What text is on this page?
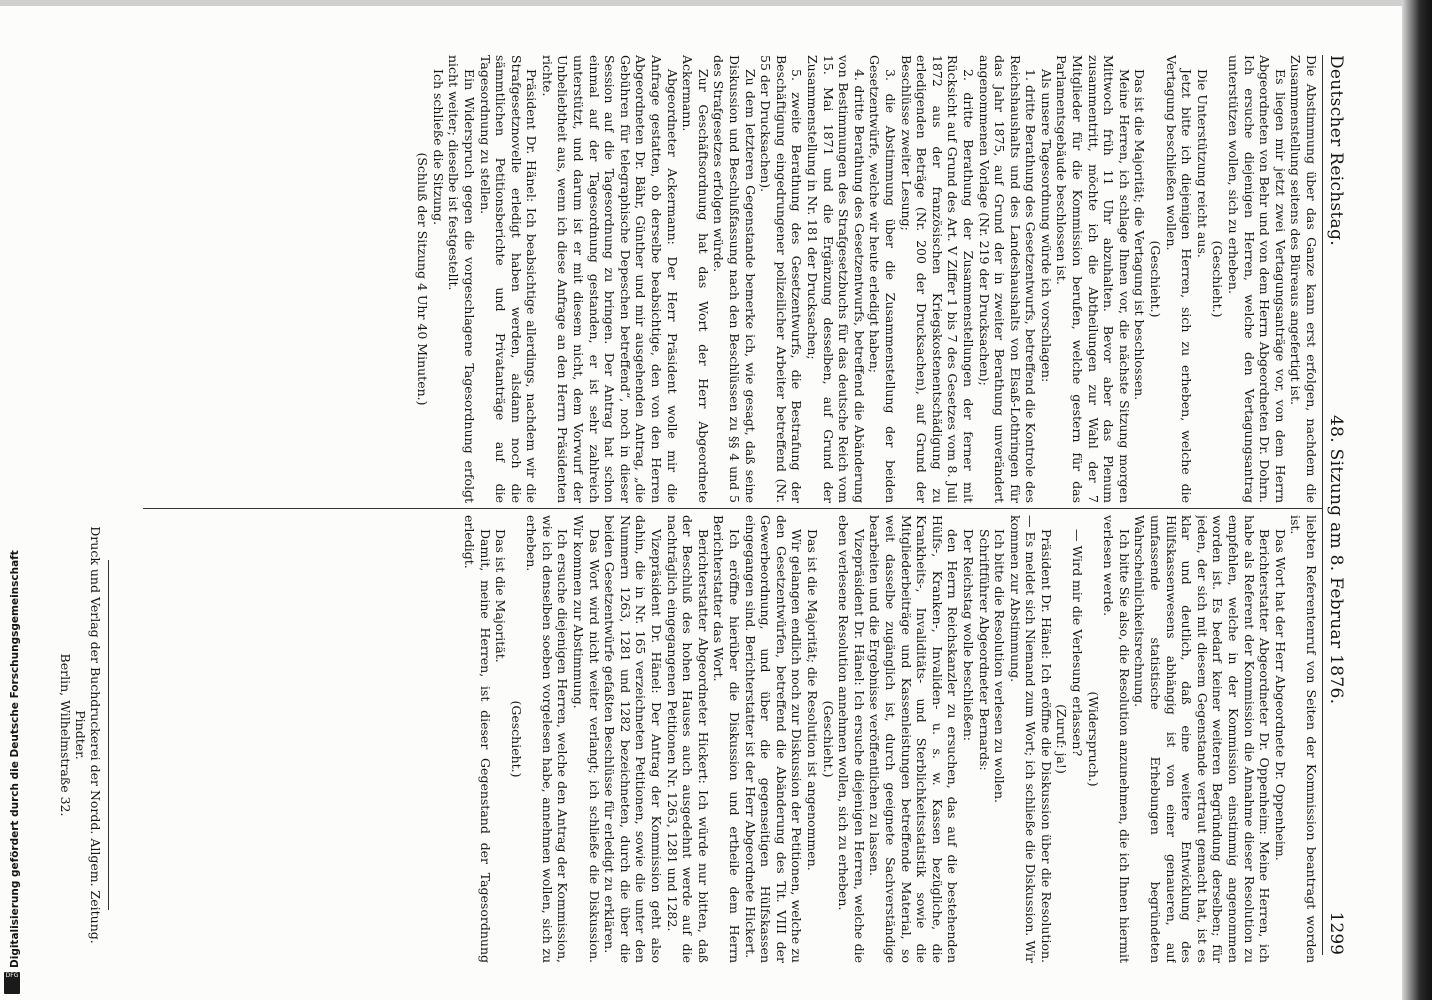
Deutscher Reichstag.
48. Sitzung am 8. Februar 1876.
1299

Die Abstimmung über das Ganze kann erst erfolgen, nachdem die Zusammenstellung seitens des Büreaus angefertigt ist.

Es liegen mir jetzt zwei Vertagungsanträge vor, von dem Herrn Abgeordneten von Behr und von dem Herrn Abgeordneten Dr. Dohrn. Ich ersuche diejenigen Herren, welche den Vertagungsantrag unterstützen wollen, sich zu erheben.

(Geschieht.)

Die Unterstützung reicht aus.

Jetzt bitte ich diejenigen Herren, sich zu erheben, welche die Vertagung beschließen wollen.

(Geschieht.)

Das ist die Majorität; die Vertagung ist beschlossen.

Meine Herren, ich schlage Ihnen vor, die nächste Sitzung morgen Mittwoch früh 11 Uhr abzuhalten. Bevor aber das Plenum zusammentritt, möchte ich die Abtheilungen zur Wahl der 7 Mitglieder für die Kommission berufen, welche gestern für das Parlamentsgebäude beschlossen ist.

Als unsere Tagesordnung würde ich vorschlagen:

1. dritte Berathung des Gesetzentwurfs, betreffend die Kontrole des Reichshaushalts und des Landeshaushalts von Elsaß-Lothringen für das Jahr 1875, auf Grund der in zweiter Berathung unverändert angenommenen Vorlage (Nr. 219 der Drucksachen);

2. dritte Berathung der Zusammenstellungen der ferner mit Rücksicht auf Grund des Art. V Ziffer 1 bis 7 des Gesetzes vom 8. Juli 1872 aus der französischen Kriegskostenentschädigung zu erledigenden Beträge (Nr. 200 der Drucksachen), auf Grund der Beschlüsse zweiter Lesung;

3. die Abstimmung über die Zusammenstellung der beiden Gesetzentwürfe, welche wir heute erledigt haben;

4. dritte Berathung des Gesetzentwurfs, betreffend die Abänderung von Bestimmungen des Strafgesetzbuchs für das deutsche Reich vom 15. Mai 1871 und die Ergänzung desselben, auf Grund der Zusammenstellung in Nr. 181 der Drucksachen;

5. zweite Berathung des Gesetzentwurfs, die Bestrafung der Beschäftigung eingedrungener polizeilicher Arbeiter betreffend (Nr. 55 der Drucksachen).

Zu dem letzteren Gegenstande bemerke ich, wie gesagt, daß seine Diskussion und Beschlußfassung nach den Beschlüssen zu §§ 4 und 5 des Strafgesetzes erfolgen würde.

Zur Geschäftsordnung hat das Wort der Herr Abgeordnete Ackermann.

Abgeordneter Ackermann: Der Herr Präsident wolle mir die Anfrage gestatten, ob derselbe beabsichtige, den von den Herren Abgeordneten Dr. Bähr, Günther und mir ausgehenden Antrag, „die Gebühren für telegraphische Depeschen betreffend“, noch in dieser Session auf die Tagesordnung zu bringen. Der Antrag hat schon einmal auf der Tagesordnung gestanden, er ist sehr zahlreich unterstützt, und darum ist er mit diesem nicht, dem Vorwurf der Unbeliebtheit aus, wenn ich diese Anfrage an den Herrn Präsidenten richte.

Präsident Dr. Hänel: Ich beabsichtige allerdings, nachdem wir die Strafgesetznovelle erledigt haben werden, alsdann noch die sämmtlichen Petitionsberichte und Privatanträge auf die Tagesordnung zu stellen.

Ein Widerspruch gegen die vorgeschlagene Tagesordnung erfolgt nicht weiter; dieselbe ist festgestellt.

Ich schließe die Sitzung.

(Schluß der Sitzung 4 Uhr 40 Minuten.)

liebten Referentenruf von Seiten der Kommission beantragt worden ist.

Das Wort hat der Herr Abgeordnete Dr. Oppenheim.

Berichterstatter Abgeordneter Dr. Oppenheim: Meine Herren, ich habe als Referent der Kommission die Annahme dieser Resolution zu empfehlen, welche in der Kommission einstimmig angenommen worden ist. Es bedarf keiner weiteren Begründung derselben; für jeden, der sich mit diesem Gegenstande vertraut gemacht hat, ist es klar und deutlich, daß eine weitere Entwicklung des Hülfskassenwesens abhängig ist von einer genaueren, auf umfassende statistische Erhebungen begründeten Wahrscheinlichkeitsrechnung.

Ich bitte Sie also, die Resolution anzunehmen, die ich Ihnen hiermit verlesen werde.

(Widerspruch.)

— Wird mir die Verlesung erlassen?

(Zuruf: ja!)

Präsident Dr. Hänel: Ich eröffne die Diskussion über die Resolution. — Es meldet sich Niemand zum Wort; ich schließe die Diskussion. Wir kommen zur Abstimmung.

Ich bitte die Resolution verlesen zu wollen.

Schriftführer Abgeordneter Bernards:

Der Reichstag wolle beschließen:

den Herrn Reichskanzler zu ersuchen, das auf die bestehenden Hülfs-, Kranken-, Invaliden- u. s. w. Kassen bezügliche, die Krankheits-, Invaliditäts- und Sterblichkeitsstatistik sowie die Mitgliederbeiträge und Kassenleistungen betreffende Material, so weit dasselbe zugänglich ist, durch geeignete Sachverständige bearbeiten und die Ergebnisse veröffentlichen zu lassen.

Vizepräsident Dr. Hänel: Ich ersuche diejenigen Herren, welche die eben verlesene Resolution annehmen wollen, sich zu erheben.

(Geschieht.)

Das ist die Majorität; die Resolution ist angenommen.

Wir gelangen endlich noch zur Diskussion der Petitionen, welche zu den Gesetzentwürfen, betreffend die Abänderung des Tit. VIII der Gewerbeordnung, und über die gegenseitigen Hülfskassen eingegangen sind. Berichterstatter ist der Herr Abgeordnete Hickert.

Ich eröffne hierüber die Diskussion und ertheile dem Herrn Berichterstatter das Wort.

Berichterstatter Abgeordneter Hickert: Ich würde nur bitten, daß der Beschluß des hohen Hauses auch ausgedehnt werde auf die nachträglich eingegangenen Petitionen Nr. 1263, 1281 und 1282.

Vizepräsident Dr. Hänel: Der Antrag der Kommission geht also dahin, die in Nr. 165 verzeichneten Petitionen, sowie die unter den Nummern 1263, 1281 und 1282 bezeichneten, durch die über die beiden Gesetzentwürfe gefaßten Beschlüsse für erledigt zu erklären.

Das Wort wird nicht weiter verlangt; ich schließe die Diskussion. Wir kommen zur Abstimmung.

Ich ersuche diejenigen Herren, welche den Antrag der Kommission, wie ich denselben soeben vorgelesen habe, annehmen wollen, sich zu erheben.

(Geschieht.)

Das ist die Majorität.

Damit, meine Herren, ist dieser Gegenstand der Tagesordnung erledigt.

Druck und Verlag der Buchdruckerei der Nordd. Allgem. Zeitung. Pindter.
Berlin, Wilhelmstraße 32.
Digitalisierung gefördert durch die Deutsche Forschungsgemeinschaft
DFG
